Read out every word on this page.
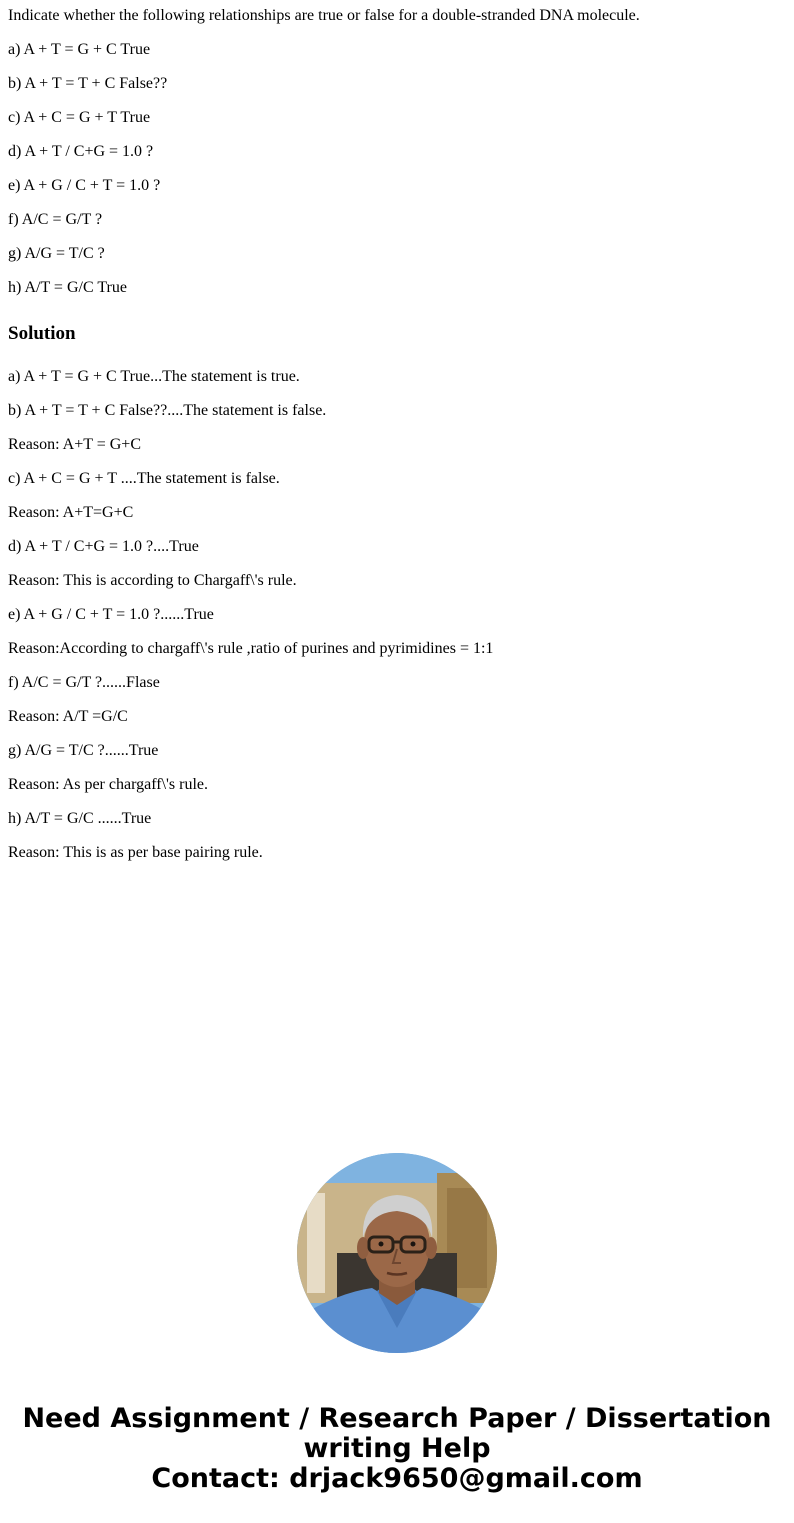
Indicate whether the following relationships are true or false for a double-stranded DNA molecule.

a) A + T = G + C True

b) A + T = T + C False??

c) A + C = G + T True

d) A + T / C+G = 1.0 ?

e) A + G / C + T = 1.0 ?

f) A/C = G/T ?

g) A/G = T/C ?

h) A/T = G/C True

Solution

a) A + T = G + C True...The statement is true.

b) A + T = T + C False??....The statement is false.

Reason: A+T = G+C

c) A + C = G + T ....The statement is false.

Reason: A+T=G+C

d) A + T / C+G = 1.0 ?....True

Reason: This is according to Chargaff\'s rule.

e) A + G / C + T = 1.0 ?......True

Reason:According to chargaff\'s rule ,ratio of purines and pyrimidines = 1:1

f) A/C = G/T ?......Flase

Reason: A/T =G/C

g) A/G = T/C ?......True

Reason: As per chargaff\'s rule.

h) A/T = G/C ......True

Reason: This is as per base pairing rule.

Need Assignment / Research Paper / Dissertation
writing Help
Contact: drjack9650@gmail.com
